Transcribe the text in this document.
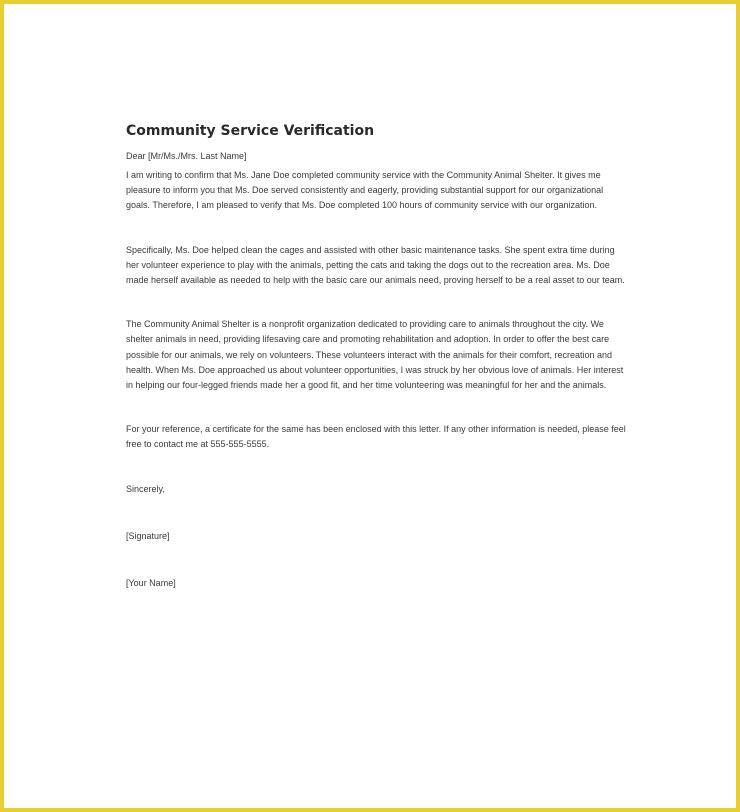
Community Service Verification

Dear [Mr/Ms./Mrs. Last Name]

I am writing to confirm that Ms. Jane Doe completed community service with the Community Animal Shelter. It gives me pleasure to inform you that Ms. Doe served consistently and eagerly, providing substantial support for our organizational goals. Therefore, I am pleased to verify that Ms. Doe completed 100 hours of community service with our organization.

Specifically, Ms. Doe helped clean the cages and assisted with other basic maintenance tasks. She spent extra time during her volunteer experience to play with the animals, petting the cats and taking the dogs out to the recreation area. Ms. Doe made herself available as needed to help with the basic care our animals need, proving herself to be a real asset to our team.

The Community Animal Shelter is a nonprofit organization dedicated to providing care to animals throughout the city. We shelter animals in need, providing lifesaving care and promoting rehabilitation and adoption. In order to offer the best care possible for our animals, we rely on volunteers. These volunteers interact with the animals for their comfort, recreation and health. When Ms. Doe approached us about volunteer opportunities, I was struck by her obvious love of animals. Her interest in helping our four-legged friends made her a good fit, and her time volunteering was meaningful for her and the animals.

For your reference, a certificate for the same has been enclosed with this letter. If any other information is needed, please feel free to contact me at 555-555-5555.

Sincerely,

[Signature]

[Your Name]
